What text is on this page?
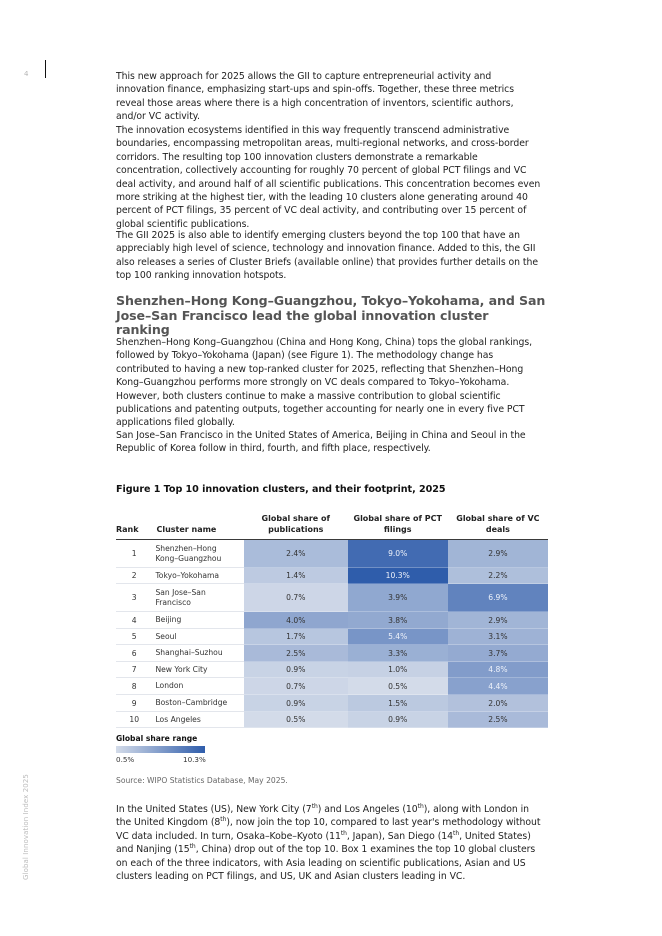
4
Global Innovation Index 2025

This new approach for 2025 allows the GII to capture entrepreneurial activity and innovation finance, emphasizing start-ups and spin-offs. Together, these three metrics reveal those areas where there is a high concentration of inventors, scientific authors, and/or VC activity.

The innovation ecosystems identified in this way frequently transcend administrative boundaries, encompassing metropolitan areas, multi-regional networks, and cross-border corridors. The resulting top 100 innovation clusters demonstrate a remarkable concentration, collectively accounting for roughly 70 percent of global PCT filings and VC deal activity, and around half of all scientific publications. This concentration becomes even more striking at the highest tier, with the leading 10 clusters alone generating around 40 percent of PCT filings, 35 percent of VC deal activity, and contributing over 15 percent of global scientific publications.

The GII 2025 is also able to identify emerging clusters beyond the top 100 that have an appreciably high level of science, technology and innovation finance. Added to this, the GII also releases a series of Cluster Briefs (available online) that provides further details on the top 100 ranking innovation hotspots.

Shenzhen–Hong Kong–Guangzhou, Tokyo–Yokohama, and San Jose–San Francisco lead the global innovation cluster ranking

Shenzhen–Hong Kong–Guangzhou (China and Hong Kong, China) tops the global rankings, followed by Tokyo–Yokohama (Japan) (see Figure 1). The methodology change has contributed to having a new top-ranked cluster for 2025, reflecting that Shenzhen–Hong Kong–Guangzhou performs more strongly on VC deals compared to Tokyo–Yokohama. However, both clusters continue to make a massive contribution to global scientific publications and patenting outputs, together accounting for nearly one in every five PCT applications filed globally.

San Jose–San Francisco in the United States of America, Beijing in China and Seoul in the Republic of Korea follow in third, fourth, and fifth place, respectively.

Figure 1 Top 10 innovation clusters, and their footprint, 2025
Rank	Cluster name	Global share of publications	Global share of PCT filings	Global share of VC deals
1	Shenzhen–Hong Kong–Guangzhou	2.4%	9.0%	2.9%
2	Tokyo–Yokohama	1.4%	10.3%	2.2%
3	San Jose–San Francisco	0.7%	3.9%	6.9%
4	Beijing	4.0%	3.8%	2.9%
5	Seoul	1.7%	5.4%	3.1%
6	Shanghai–Suzhou	2.5%	3.3%	3.7%
7	New York City	0.9%	1.0%	4.8%
8	London	0.7%	0.5%	4.4%
9	Boston–Cambridge	0.9%	1.5%	2.0%
10	Los Angeles	0.5%	0.9%	2.5%
Global share range
0.5%	10.3%
Source: WIPO Statistics Database, May 2025.

In the United States (US), New York City (7th) and Los Angeles (10th), along with London in the United Kingdom (8th), now join the top 10, compared to last year's methodology without VC data included. In turn, Osaka–Kobe–Kyoto (11th, Japan), San Diego (14th, United States) and Nanjing (15th, China) drop out of the top 10. Box 1 examines the top 10 global clusters on each of the three indicators, with Asia leading on scientific publications, Asian and US clusters leading on PCT filings, and US, UK and Asian clusters leading in VC.
